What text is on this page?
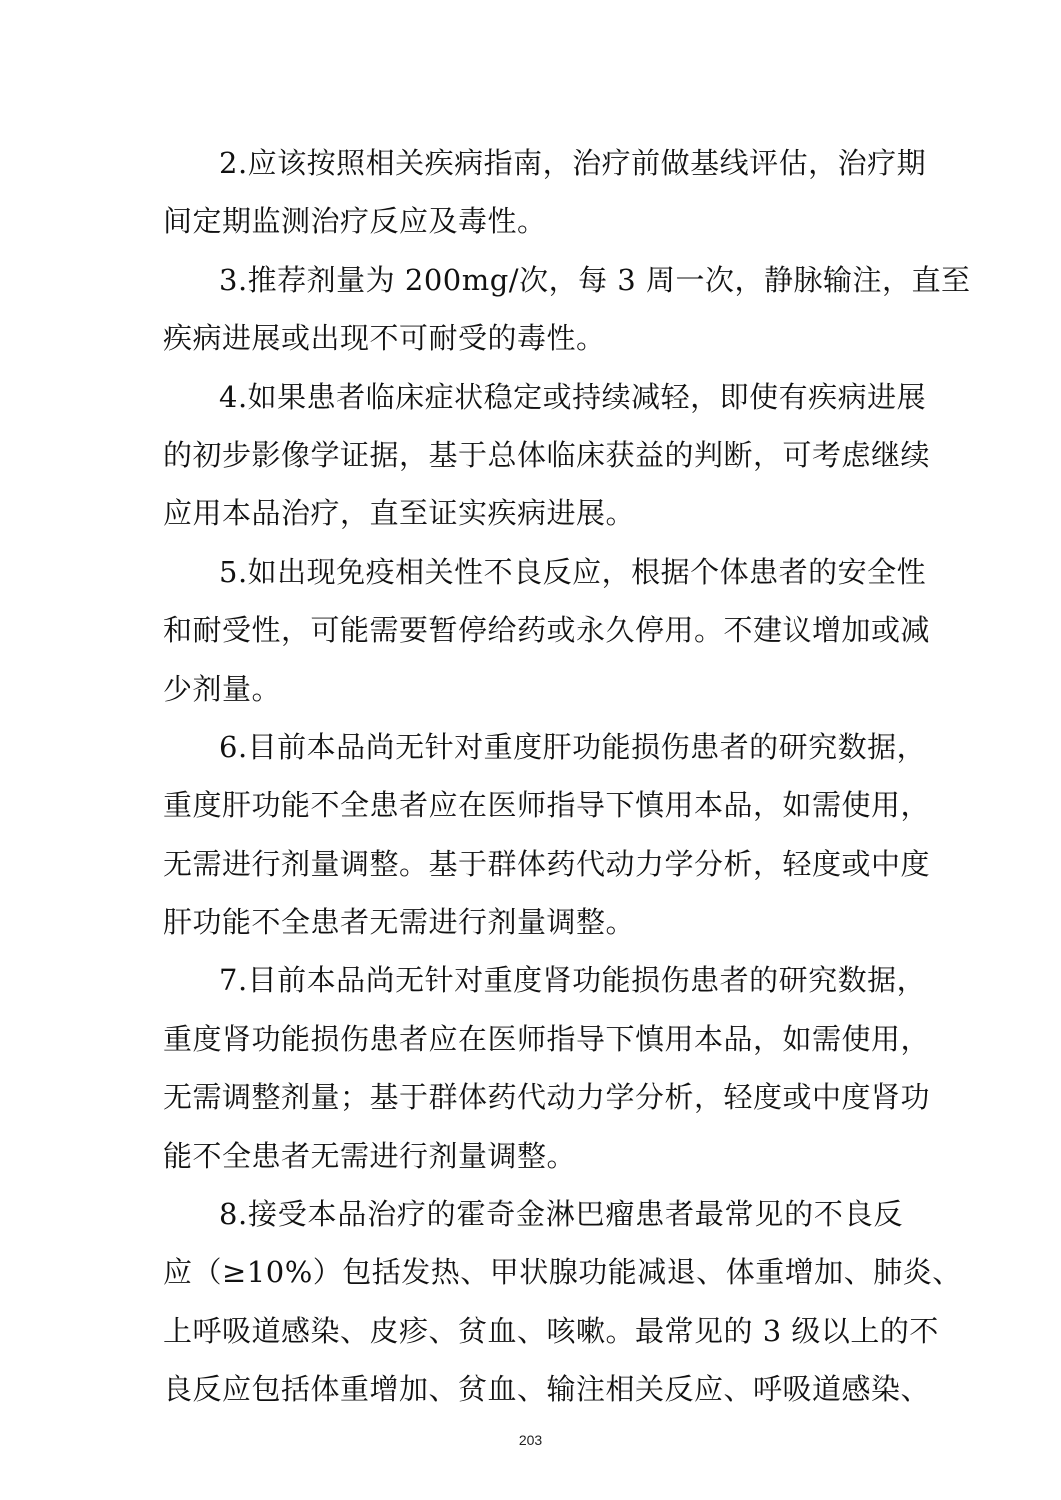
2.应该按照相关疾病指南，治疗前做基线评估，治疗期
间定期监测治疗反应及毒性。
3.推荐剂量为 200mg/次，每 3 周一次，静脉输注，直至
疾病进展或出现不可耐受的毒性。
4.如果患者临床症状稳定或持续减轻，即使有疾病进展
的初步影像学证据，基于总体临床获益的判断，可考虑继续
应用本品治疗，直至证实疾病进展。
5.如出现免疫相关性不良反应，根据个体患者的安全性
和耐受性，可能需要暂停给药或永久停用。不建议增加或减
少剂量。
6.目前本品尚无针对重度肝功能损伤患者的研究数据，
重度肝功能不全患者应在医师指导下慎用本品，如需使用，
无需进行剂量调整。基于群体药代动力学分析，轻度或中度
肝功能不全患者无需进行剂量调整。
7.目前本品尚无针对重度肾功能损伤患者的研究数据，
重度肾功能损伤患者应在医师指导下慎用本品，如需使用，
无需调整剂量；基于群体药代动力学分析，轻度或中度肾功
能不全患者无需进行剂量调整。
8.接受本品治疗的霍奇金淋巴瘤患者最常见的不良反
应（≥10%）包括发热、甲状腺功能减退、体重增加、肺炎、
上呼吸道感染、皮疹、贫血、咳嗽。最常见的 3 级以上的不
良反应包括体重增加、贫血、输注相关反应、呼吸道感染、
203
